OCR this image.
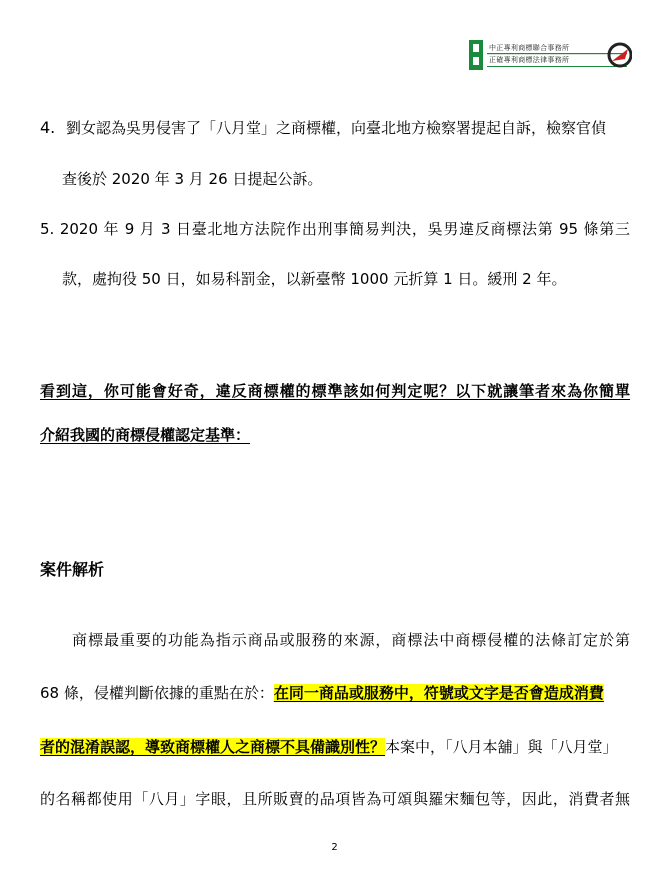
中正專利商標聯合事務所
正確專利商標法律事務所
4. 劉女認為吳男侵害了「八月堂」之商標權，向臺北地方檢察署提起自訴，檢察官偵
查後於 2020 年 3 月 26 日提起公訴。
5. 2020 年 9 月 3 日臺北地方法院作出刑事簡易判決，吳男違反商標法第 95 條第三
款，處拘役 50 日，如易科罰金，以新臺幣 1000 元折算 1 日。緩刑 2 年。
看到這，你可能會好奇，違反商標權的標準該如何判定呢？以下就讓筆者來為你簡單
介紹我國的商標侵權認定基準：
案件解析
商標最重要的功能為指示商品或服務的來源，商標法中商標侵權的法條訂定於第
68 條，侵權判斷依據的重點在於：在同一商品或服務中，符號或文字是否會造成消費
者的混淆誤認，導致商標權人之商標不具備識別性？本案中，「八月本舖」與「八月堂」
的名稱都使用「八月」字眼，且所販賣的品項皆為可頌與羅宋麵包等，因此，消費者無
2
